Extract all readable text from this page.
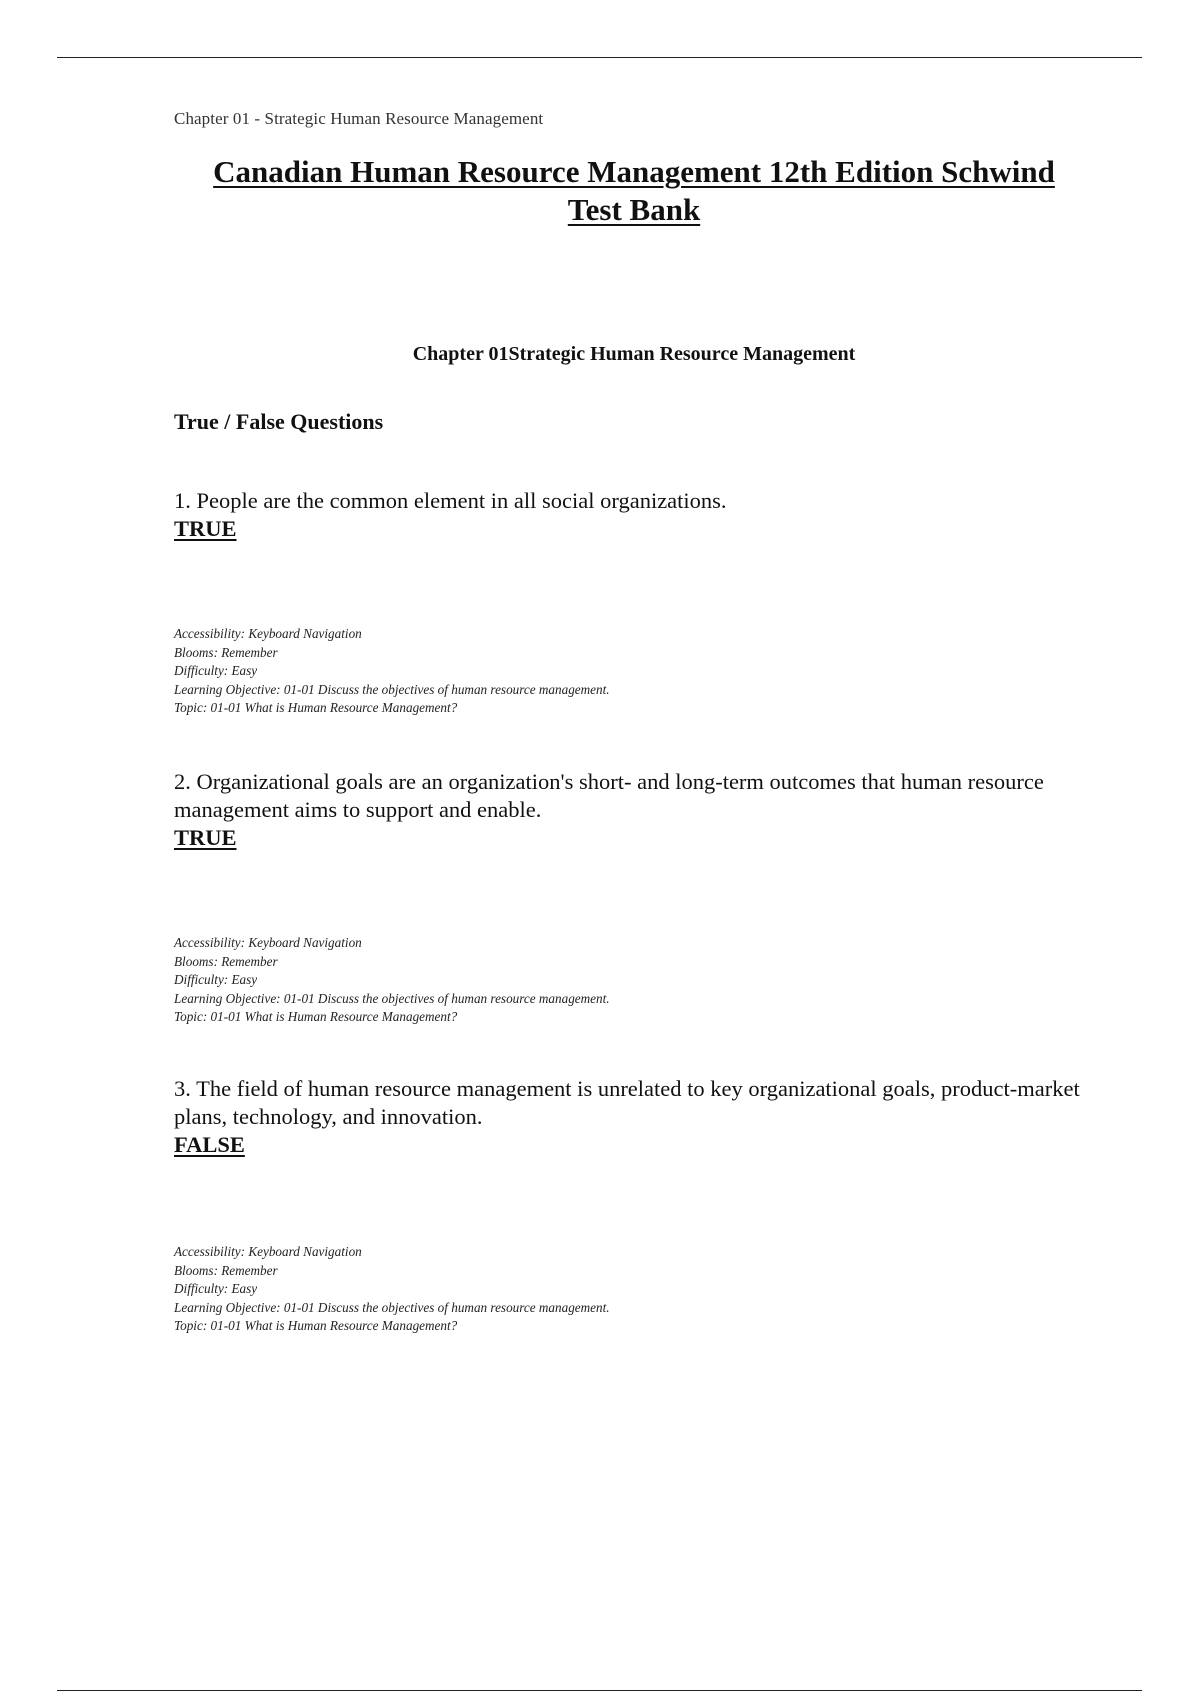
Chapter 01 - Strategic Human Resource Management
Canadian Human Resource Management 12th Edition Schwind
Test Bank
Chapter 01Strategic Human Resource Management
True / False Questions

1. People are the common element in all social organizations.

TRUE

Accessibility: Keyboard Navigation
Blooms: Remember
Difficulty: Easy
Learning Objective: 01-01 Discuss the objectives of human resource management.
Topic: 01-01 What is Human Resource Management?

2. Organizational goals are an organization's short- and long-term outcomes that human resource management aims to support and enable.

TRUE

Accessibility: Keyboard Navigation
Blooms: Remember
Difficulty: Easy
Learning Objective: 01-01 Discuss the objectives of human resource management.
Topic: 01-01 What is Human Resource Management?

3. The field of human resource management is unrelated to key organizational goals, product-market plans, technology, and innovation.

FALSE

Accessibility: Keyboard Navigation
Blooms: Remember
Difficulty: Easy
Learning Objective: 01-01 Discuss the objectives of human resource management.
Topic: 01-01 What is Human Resource Management?
